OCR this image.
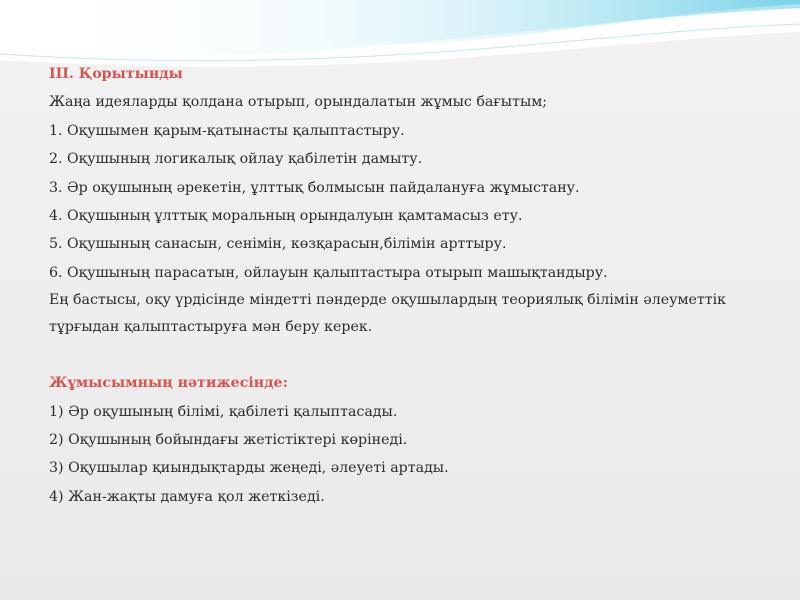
ІІІ. Қорытынды
Жаңа идеяларды қолдана отырып, орындалатын жұмыс бағытым;
1. Оқушымен қарым-қатынасты қалыптастыру.
2. Оқушының логикалық ойлау қабілетін дамыту.
3. Әр оқушының әрекетін, ұлттық болмысын пайдалануға жұмыстану.
4. Оқушының ұлттық моральның орындалуын қамтамасыз ету.
5. Оқушының санасын, сенімін, көзқарасын,білімін арттыру.
6. Оқушының парасатын, ойлауын қалыптастыра отырып машықтандыру.
Ең бастысы, оқу үрдісінде міндетті пәндерде оқушылардың теориялық білімін әлеуметтік тұрғыдан қалыптастыруға мән беру керек.
Жұмысымның нәтижесінде:
1) Әр оқушының білімі, қабілеті қалыптасады.
2) Оқушының бойындағы жетістіктері көрінеді.
3) Оқушылар қиындықтарды жеңеді, әлеуеті артады.
4) Жан-жақты дамуға қол жеткізеді.
